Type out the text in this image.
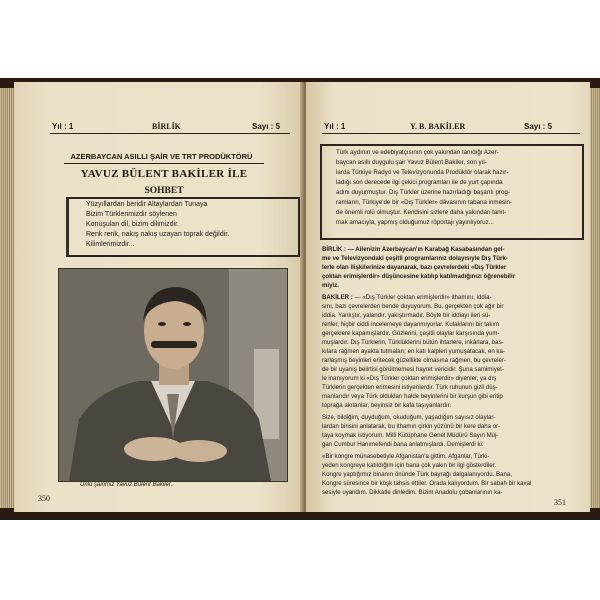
Yıl : 1	BİRLİK	Sayı : 5
AZERBAYCAN ASILLI ŞAİR VE TRT PRODÜKTÖRÜ
YAVUZ BÜLENT BAKİLER İLE
SOHBET
Yüzyıllardan beridir Altaylardan Tunaya
Bizim Türklerimizdir söylenen
Konuşulan dil, bizim dilimizdir.
Renk renk, nakış nakış uzayan toprak değildir.
Kilimlerimizdir...
Ünlü şairimiz Yavuz Bülent Bakiler..
350
Yıl : 1	Y. B. BAKİLER	Sayı : 5
Türk aydının ve edebiyatçısının çok yakından tanıdığı Azer-
baycan asıllı duygulu şair Yavuz Bülent Bakiler, son yıl-
larda Türkiye Radyo ve Televizyonunda Prodüktör olarak hazır-
ladığı son derecede ilgi çekici programları ile de yurt çapında
adını duyurmuştur. Dış Türkler üzerine hazırladığı başarılı prog-
ramların, Türkiye'de bir «Dış Türkler» dâvasının tabana inmesin-
de önemli rolü olmuştur. Kendisini sizlere daha yakından tanıt-
mak amacıyla, yapmış olduğumuz röportajı yayınlıyoruz...
BİRLİK : — Ailenizin Azerbaycan'ın Karabağ Kasabasından gel-
me ve Televizyondaki çeşitli programlarınız dolayısıyle Dış Türk-
lerle olan ilişkilerinize dayanarak, bazı çevrelerdeki «Dış Türkler
çoktan erimişlerdir» düşüncesine katılıp katılmadığınızı öğrenebilir
miyiz.
BAKİLER : — «Dış Türkler çoktan erimişlerdir» ithamını, iddia-
sını, bazı çevrelerden bende duyuyorum. Bu, gerçekten çok ağır bir
iddia. Yanlıştır, yalandır, yakıştırmadır. Böyle bir iddiayı ileri sü-
renler, hiçbir ciddi incelemeye dayanmıyorlar. Kulaklarını bir takım
gerçeklere kapamışlardır. Gözlerini, çeşitli olaylar karşısında yum-
muşlardır. Dış Türklerin, Türklüklerini bütün ihtarlere, inkârlara, bas-
kılara rağmen ayakta tutmaları; en katı kalpleri yumuşatacak, en ka-
rarlaşmış beyinleri eritecek güzellikte olmasına rağmen, bu çevreler-
de bir uyanış belirtisi görülmemesi hayret vericidir. Şuna samimiyet-
le inanıyorum ki «Dış Türkler çoktan erimişlerdir» diyenler, ya dış
Türklerin gerçekten erimesini istiyenlerdir. Türk ruhunun gizli düş-
manlarıdır veya Türk oldukları halde beyinlerini bir kurşun gibi eritip
toprağa akıtanlar, beyinsiz bir kafa taşıyanlardır.
Size, bildiğim, duyduğum, okuduğum, yaşadığım sayısız olaylar-
lardan birisini anlatarak, bu ithamın çirkin yüzünü bir kere daha or-
taya koymak istiyorum. Milli Kütüphane Genel Müdürü Sayın Müj-
gan Cumbur Hanımefendi bana anlatmışlardı. Demişlerdi ki:
«Bir kongre münasebetiyle Afganistan'a gittim. Afganlar, Türki-
yeden kongreye katıldığım için bana çok yakın bir ilgi gösterdiler.
Kongre yaptığımız binanın önünde Türk bayrağı dalgalanıyordu. Bana,
Kongre süresince bir köşk tahsis ettiler. Orada kalıyordum. Bir sabah bir kaval
sesiyle uyandım. Dikkatle dinledim. Bizim Anadolu çobanlarının ka-
351
